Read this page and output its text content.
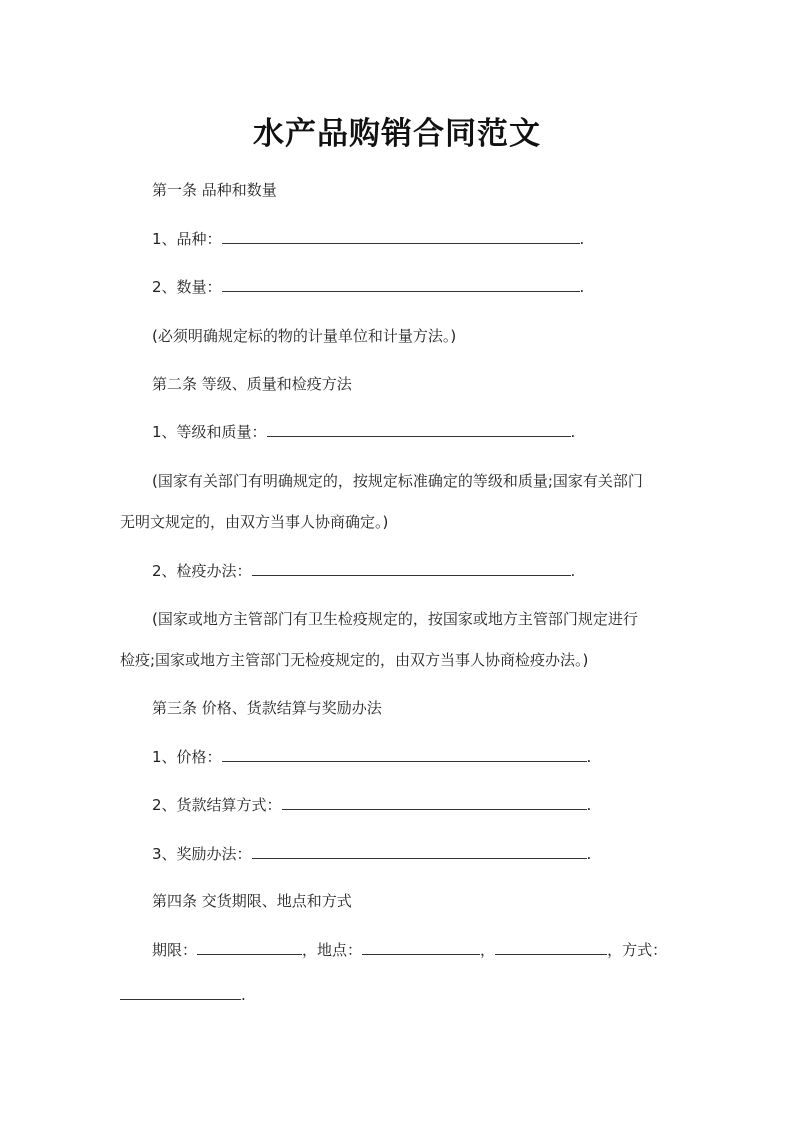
水产品购销合同范文
第一条 品种和数量
1、品种：	.
2、数量：	.
(必须明确规定标的物的计量单位和计量方法。)
第二条 等级、质量和检疫方法
1、等级和质量：	.
(国家有关部门有明确规定的，按规定标准确定的等级和质量;国家有关部门
无明文规定的，由双方当事人协商确定。)
2、检疫办法：	.
(国家或地方主管部门有卫生检疫规定的，按国家或地方主管部门规定进行
检疫;国家或地方主管部门无检疫规定的，由双方当事人协商检疫办法。)
第三条 价格、货款结算与奖励办法
1、价格：	.
2、货款结算方式：	.
3、奖励办法：	.
第四条 交货期限、地点和方式
期限：	，地点：	，	，方式：
.
